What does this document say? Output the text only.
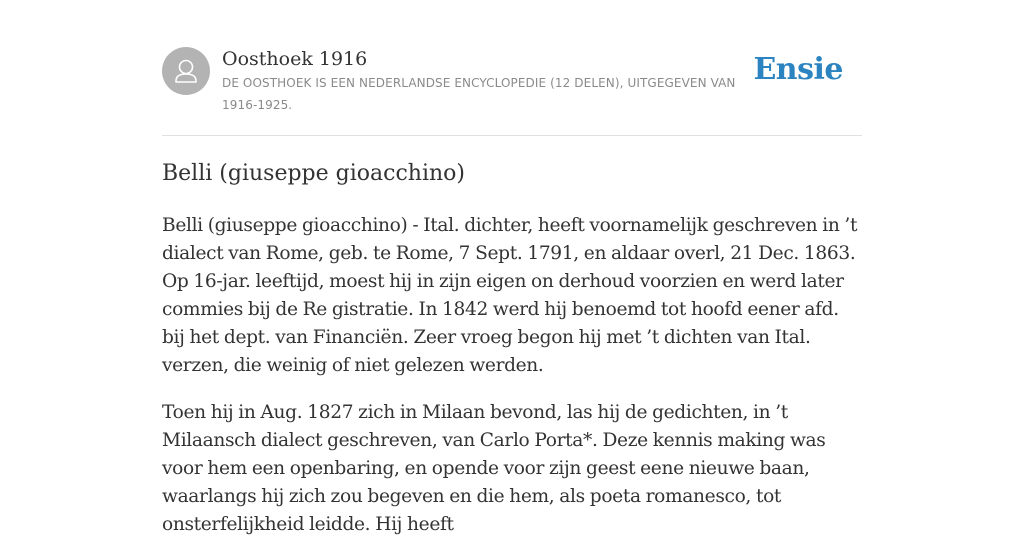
Oosthoek 1916
DE OOSTHOEK IS EEN NEDERLANDSE ENCYCLOPEDIE (12 DELEN), UITGEGEVEN VAN 1916-1925.
Ensie
Belli (giuseppe gioacchino)

Belli (giuseppe gioacchino) - Ital. dichter, heeft voornamelijk geschreven in ’t dialect van Rome, geb. te Rome, 7 Sept. 1791, en aldaar overl, 21 Dec. 1863. Op 16-jar. leeftijd, moest hij in zijn eigen on derhoud voorzien en werd later commies bij de Re gistratie. In 1842 werd hij benoemd tot hoofd eener afd. bij het dept. van Financiën. Zeer vroeg begon hij met ’t dichten van Ital. verzen, die weinig of niet gelezen werden.

Toen hij in Aug. 1827 zich in Milaan bevond, las hij de gedichten, in ’t Milaansch dialect geschreven, van Carlo Porta*. Deze kennis making was voor hem een openbaring, en opende voor zijn geest eene nieuwe baan, waarlangs hij zich zou begeven en die hem, als poeta romanesco, tot onsterfelijkheid leidde. Hij heeft
